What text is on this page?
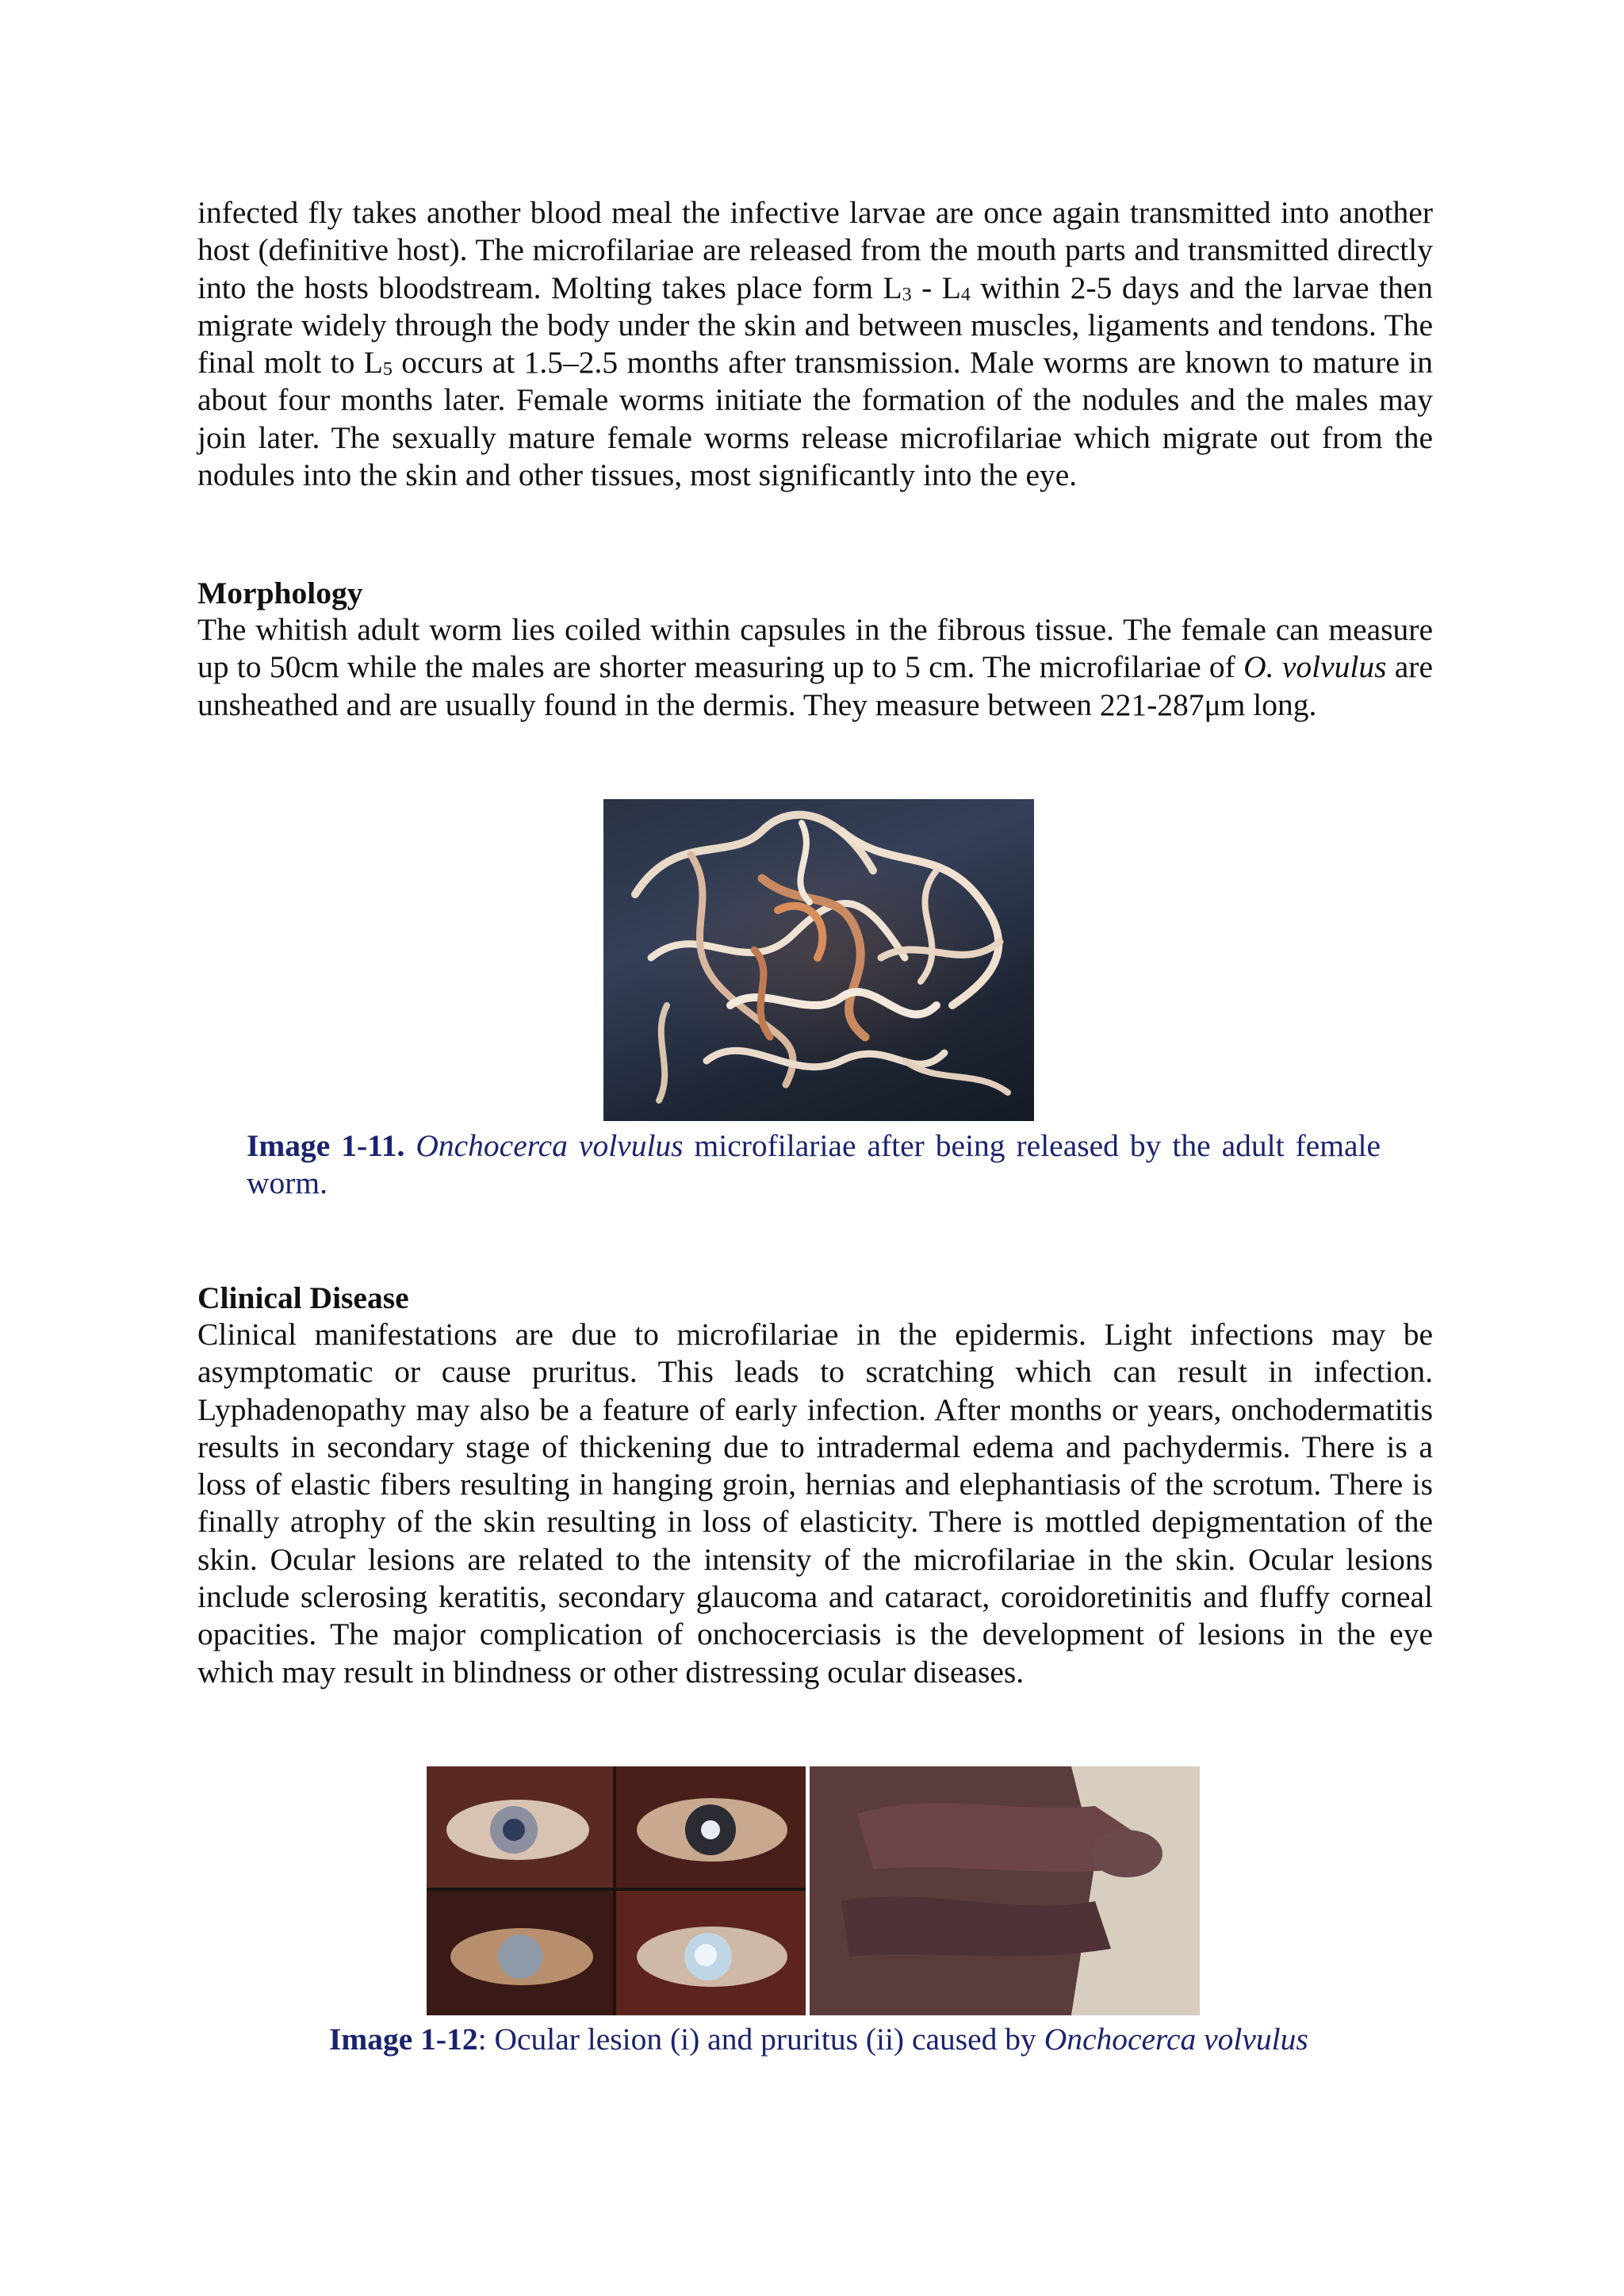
infected fly takes another blood meal the infective larvae are once again transmitted into another host (definitive host). The microfilariae are released from the mouth parts and transmitted directly into the hosts bloodstream. Molting takes place form $L_3 - L_4$ within 2-5 days and the larvae then migrate widely through the body under the skin and between muscles, ligaments and tendons. The final molt to $L_5$ occurs at 1.5–2.5 months after transmission. Male worms are known to mature in about four months later. Female worms initiate the formation of the nodules and the males may join later. The sexually mature female worms release microfilariae which migrate out from the nodules into the skin and other tissues, most significantly into the eye.

Morphology

The whitish adult worm lies coiled within capsules in the fibrous tissue. The female can measure up to 50cm while the males are shorter measuring up to 5 cm. The microfilariae of O. volvulus are unsheathed and are usually found in the dermis. They measure between 221-287μm long.

Image 1-11. Onchocerca volvulus microfilariae after being released by the adult female worm.

Clinical Disease

Clinical manifestations are due to microfilariae in the epidermis. Light infections may be asymptomatic or cause pruritus. This leads to scratching which can result in infection. Lyphadenopathy may also be a feature of early infection. After months or years, onchodermatitis results in secondary stage of thickening due to intradermal edema and pachydermis. There is a loss of elastic fibers resulting in hanging groin, hernias and elephantiasis of the scrotum. There is finally atrophy of the skin resulting in loss of elasticity. There is mottled depigmentation of the skin. Ocular lesions are related to the intensity of the microfilariae in the skin. Ocular lesions include sclerosing keratitis, secondary glaucoma and cataract, coroidoretinitis and fluffy corneal opacities. The major complication of onchocerciasis is the development of lesions in the eye which may result in blindness or other distressing ocular diseases.

Image 1-12: Ocular lesion (i) and pruritus (ii) caused by Onchocerca volvulus
